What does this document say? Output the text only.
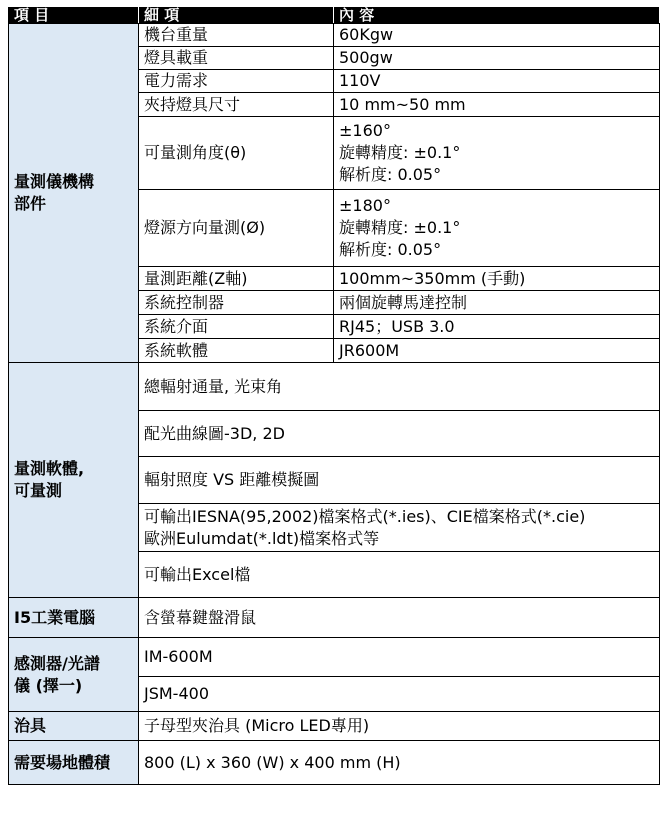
項 目	細 項	內 容
量測儀機構
部件	機台重量	60Kgw
	燈具載重	500gw
	電力需求	110V
	夾持燈具尺寸	10 mm~50 mm
	可量測角度(θ)	±160°
旋轉精度: ±0.1°
解析度: 0.05°
	燈源方向量測(Ø)	±180°
旋轉精度: ±0.1°
解析度: 0.05°
	量測距離(Z軸)	100mm~350mm (手動)
	系統控制器	兩個旋轉馬達控制
	系統介面	RJ45；USB 3.0
	系統軟體	JR600M
量測軟體,
可量測	總輻射通量, 光束角	
	配光曲線圖-3D, 2D	
	輻射照度 VS 距離模擬圖	
	可輸出IESNA(95,2002)檔案格式(*.ies)、CIE檔案格式(*.cie)
歐洲Eulumdat(*.ldt)檔案格式等	
	可輸出Excel檔	
I5工業電腦	含螢幕鍵盤滑鼠	
感測器/光譜
儀 (擇一)	IM-600M	
	JSM-400	
治具	子母型夾治具 (Micro LED專用)	
需要場地體積	800 (L) x 360 (W) x 400 mm (H)	
